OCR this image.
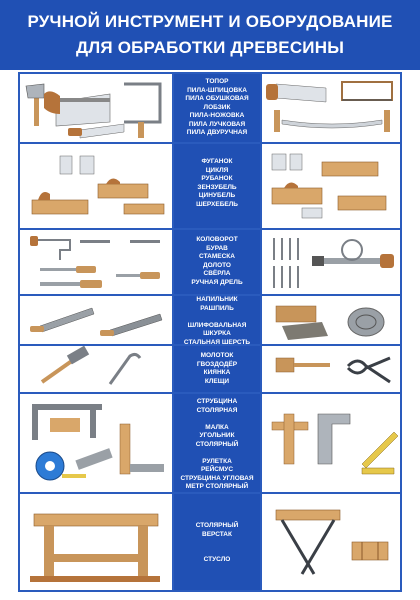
РУЧНОЙ ИНСТРУМЕНТ И ОБОРУДОВАНИЕ
ДЛЯ ОБРАБОТКИ ДРЕВЕСИНЫ
ТОПОР
ПИЛА-ШПИЦОВКА
ПИЛА ОБУШКОВАЯ
ЛОБЗИК
ПИЛА-НОЖОВКА
ПИЛА ЛУЧКОВАЯ
ПИЛА ДВУРУЧНАЯ
ФУГАНОК
ЦИКЛЯ
РУБАНОК
ЗЕНЗУБЕЛЬ
ЦИНУБЕЛЬ
ШЕРХЕБЕЛЬ
КОЛОВОРОТ
БУРАВ
СТАМЕСКА
ДОЛОТО
СВЁРЛА
РУЧНАЯ ДРЕЛЬ
НАПИЛЬНИК
РАШПИЛЬ

ШЛИФОВАЛЬНАЯ
ШКУРКА
СТАЛЬНАЯ ШЕРСТЬ
МОЛОТОК
ГВОЗДОДЁР
КИЯНКА
КЛЕЩИ
СТРУБЦИНА
СТОЛЯРНАЯ

МАЛКА
УГОЛЬНИК
СТОЛЯРНЫЙ

РУЛЕТКА
РЕЙСМУС
СТРУБЦИНА УГЛОВАЯ
МЕТР СТОЛЯРНЫЙ
СТОЛЯРНЫЙ
ВЕРСТАК

СТУСЛО
